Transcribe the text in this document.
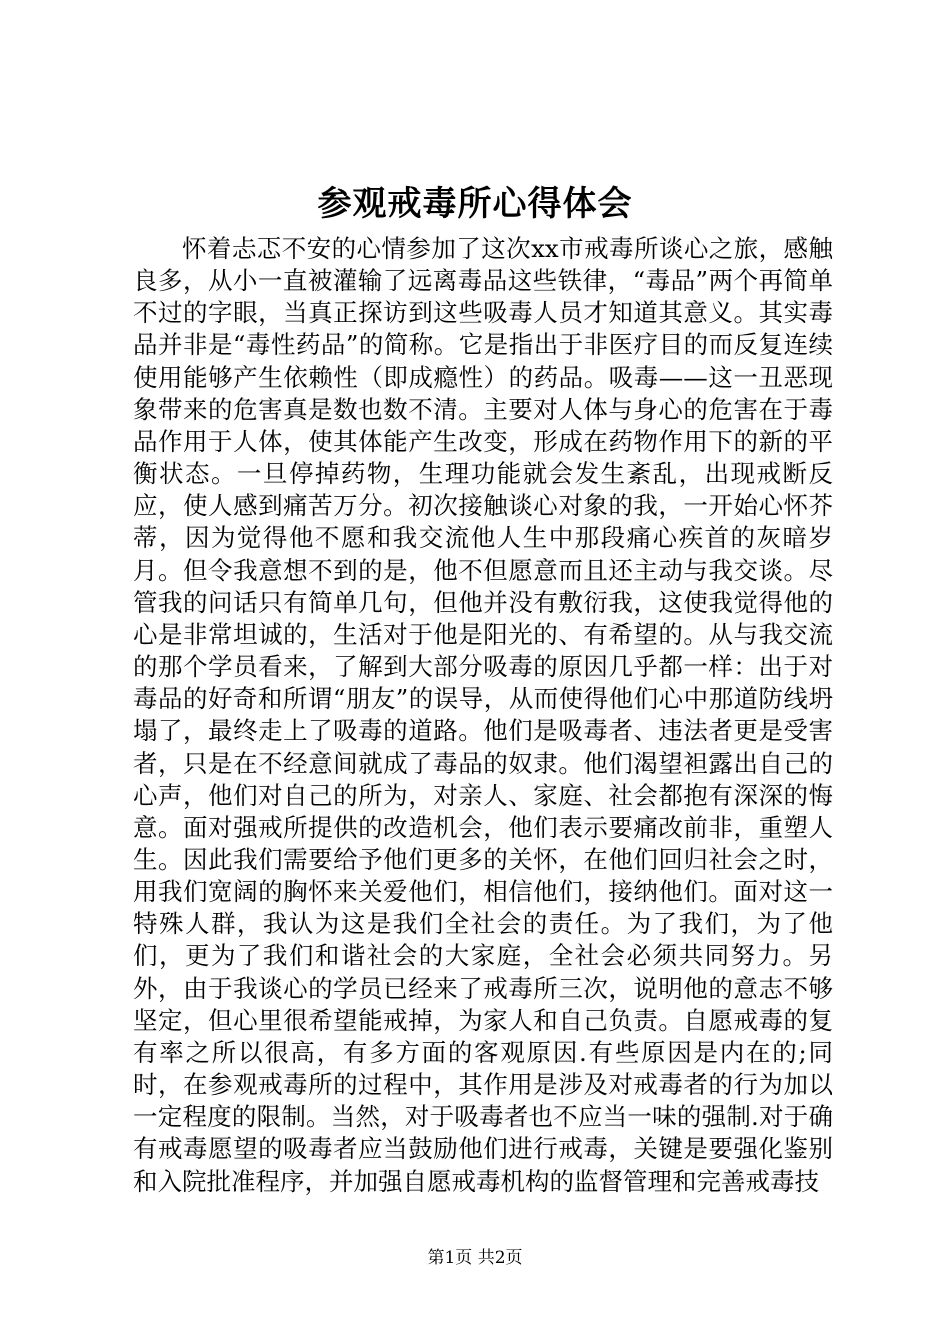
参观戒毒所心得体会

怀着忐忑不安的心情参加了这次xx市戒毒所谈心之旅，感触良多，从小一直被灌输了远离毒品这些铁律，“毒品”两个再简单不过的字眼，当真正探访到这些吸毒人员才知道其意义。其实毒品并非是“毒性药品”的简称。它是指出于非医疗目的而反复连续使用能够产生依赖性（即成瘾性）的药品。吸毒——这一丑恶现象带来的危害真是数也数不清。主要对人体与身心的危害在于毒品作用于人体，使其体能产生改变，形成在药物作用下的新的平衡状态。一旦停掉药物，生理功能就会发生紊乱，出现戒断反应，使人感到痛苦万分。初次接触谈心对象的我，一开始心怀芥蒂，因为觉得他不愿和我交流他人生中那段痛心疾首的灰暗岁月。但令我意想不到的是，他不但愿意而且还主动与我交谈。尽管我的问话只有简单几句，但他并没有敷衍我，这使我觉得他的心是非常坦诚的，生活对于他是阳光的、有希望的。从与我交流的那个学员看来，了解到大部分吸毒的原因几乎都一样：出于对毒品的好奇和所谓“朋友”的误导，从而使得他们心中那道防线坍塌了，最终走上了吸毒的道路。他们是吸毒者、违法者更是受害者，只是在不经意间就成了毒品的奴隶。他们渴望袒露出自己的心声，他们对自己的所为，对亲人、家庭、社会都抱有深深的悔意。面对强戒所提供的改造机会，他们表示要痛改前非，重塑人生。因此我们需要给予他们更多的关怀，在他们回归社会之时，用我们宽阔的胸怀来关爱他们，相信他们，接纳他们。面对这一特殊人群，我认为这是我们全社会的责任。为了我们，为了他们，更为了我们和谐社会的大家庭，全社会必须共同努力。另外，由于我谈心的学员已经来了戒毒所三次，说明他的意志不够坚定，但心里很希望能戒掉，为家人和自己负责。自愿戒毒的复有率之所以很高，有多方面的客观原因.有些原因是内在的;同时，在参观戒毒所的过程中，其作用是涉及对戒毒者的行为加以一定程度的限制。当然，对于吸毒者也不应当一味的强制.对于确有戒毒愿望的吸毒者应当鼓励他们进行戒毒，关键是要强化鉴别和入院批准程序，并加强自愿戒毒机构的监督管理和完善戒毒技

第1页 共2页
